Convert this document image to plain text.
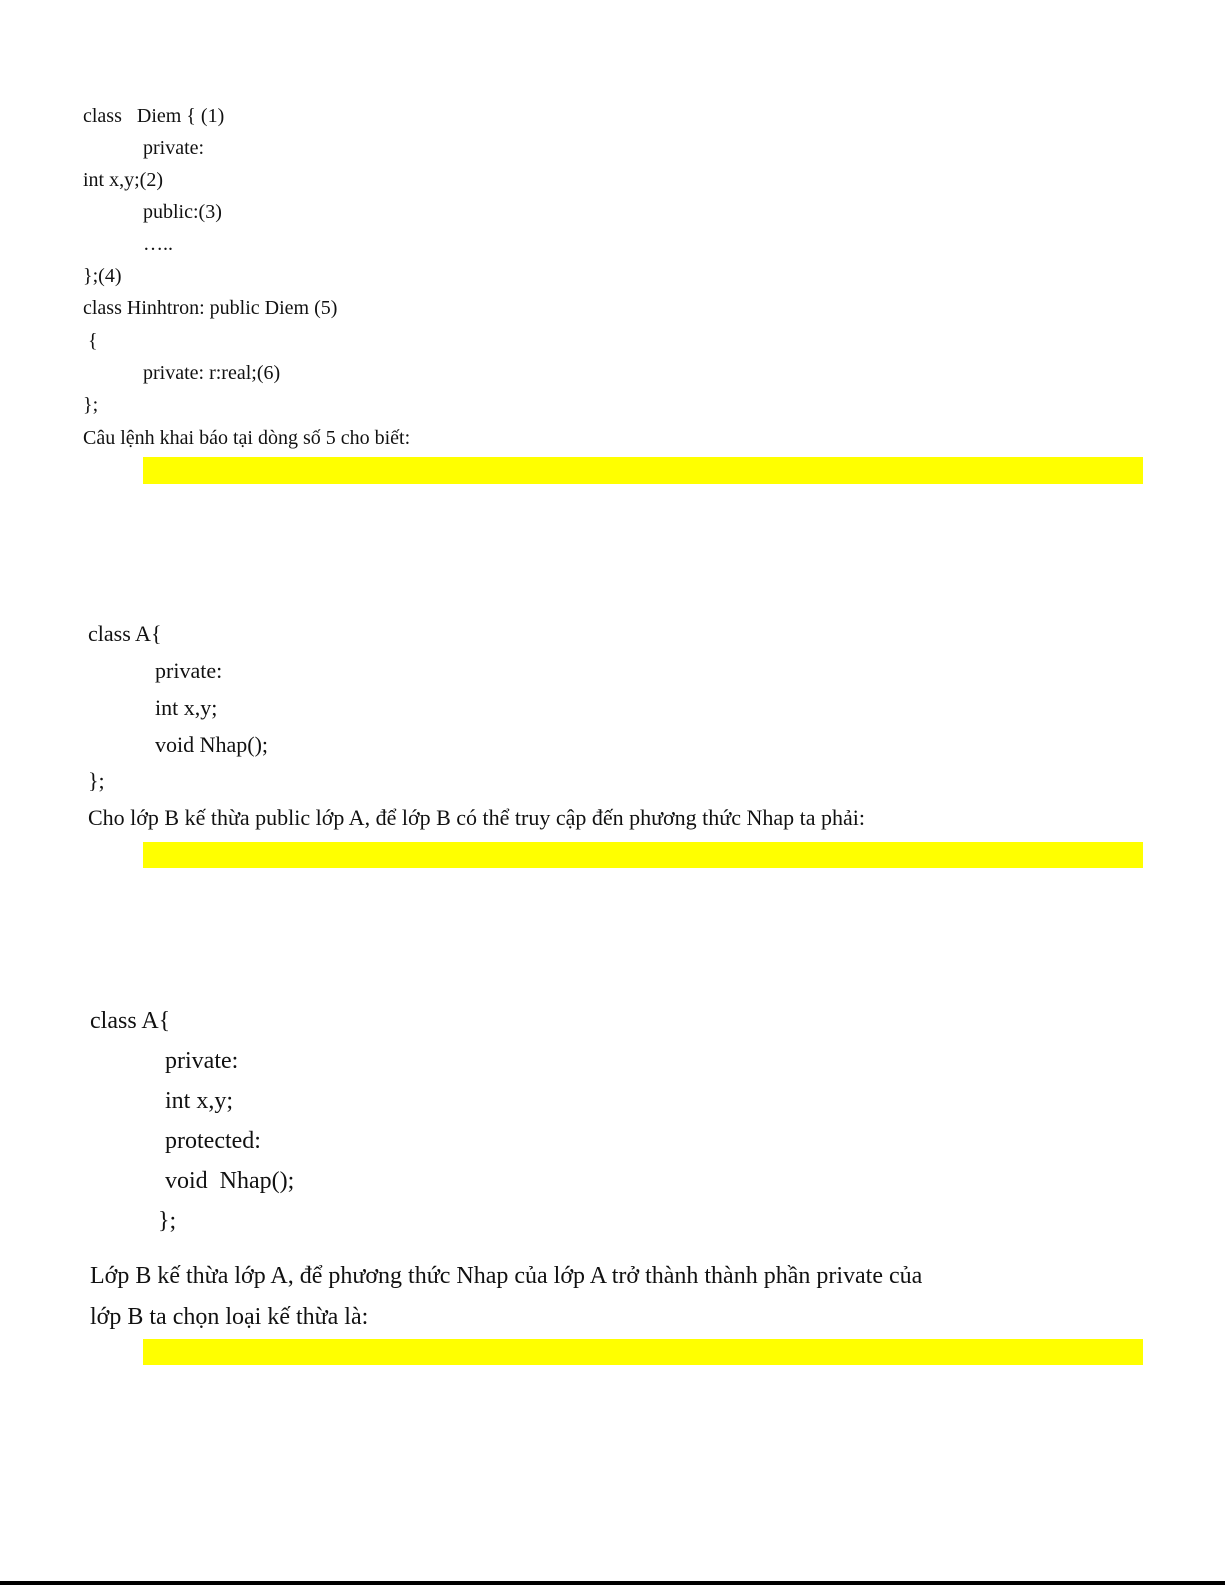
class   Diem { (1)
private:
int x,y;(2)
public:(3)
…..
};(4)
class Hinhtron: public Diem (5)
{
private: r:real;(6)
};
Câu lệnh khai báo tại dòng số 5 cho biết:
class A{
private:
int x,y;
void Nhap();
};
Cho lớp B kế thừa public lớp A, để lớp B có thể truy cập đến phương thức Nhap ta phải:
class A{
private:
int x,y;
protected:
void  Nhap();
};
Lớp B kế thừa lớp A, để phương thức Nhap của lớp A trở thành thành phần private của
lớp B ta chọn loại kế thừa là:
